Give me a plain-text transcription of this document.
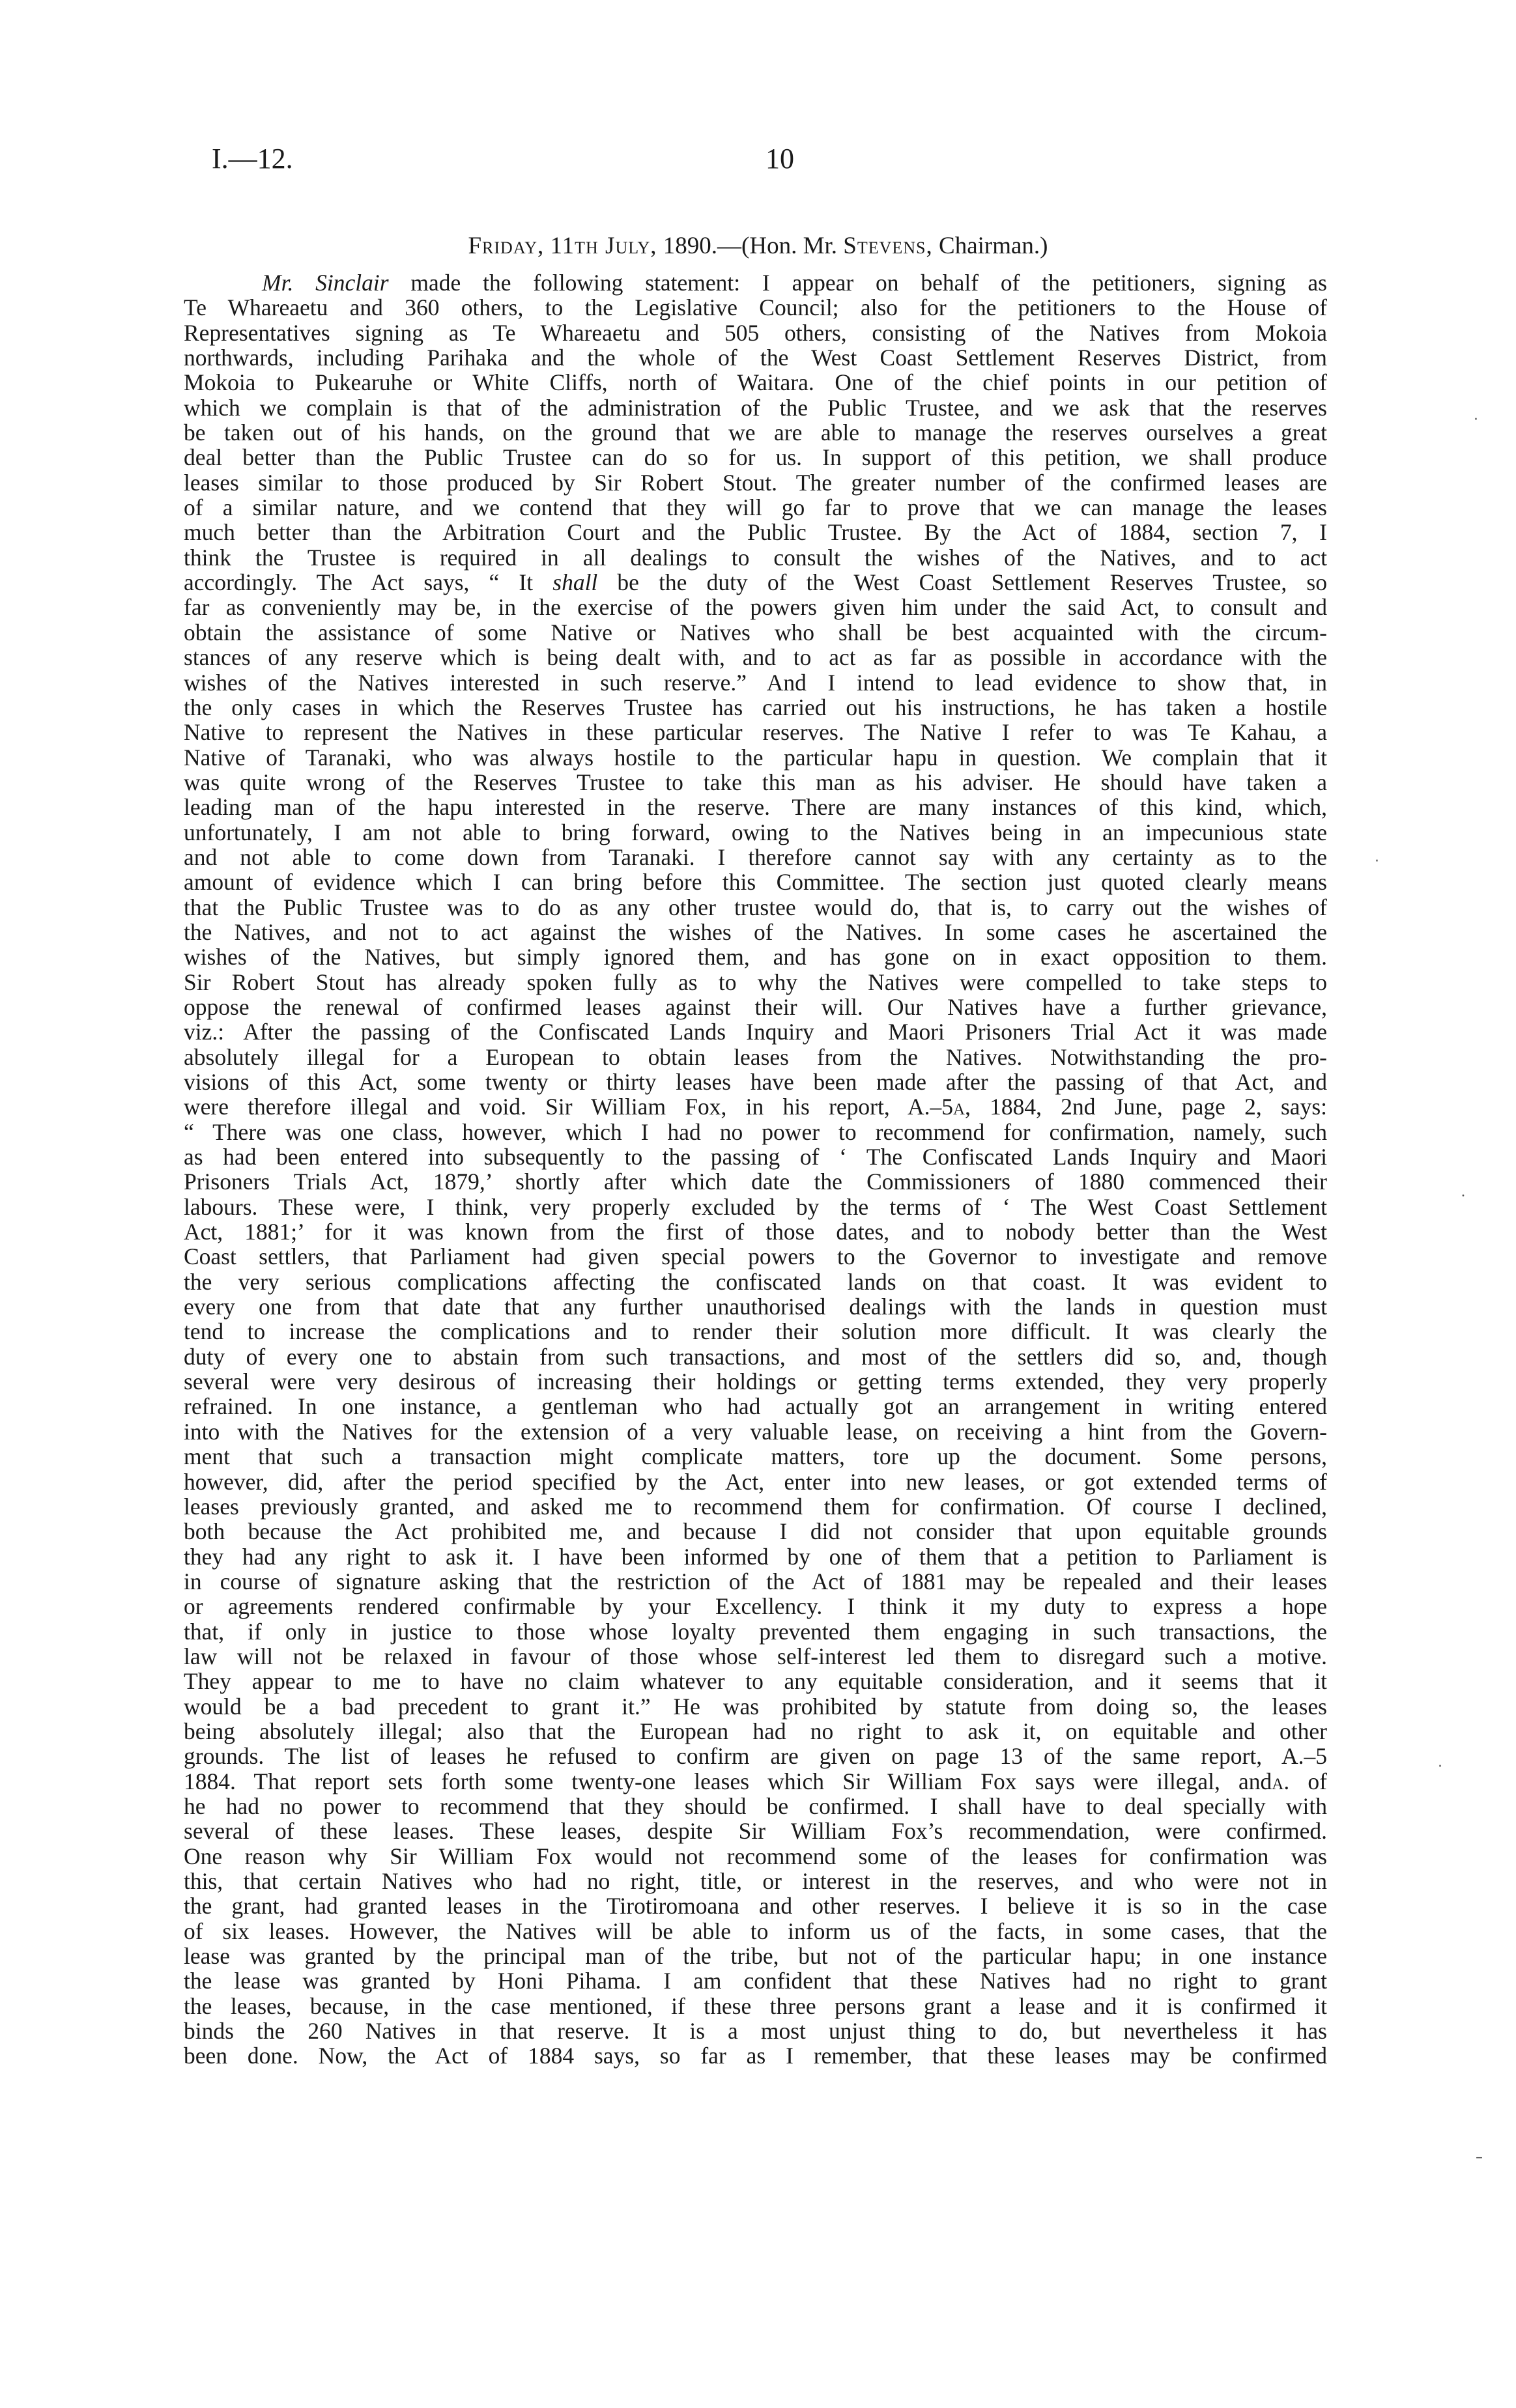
I.—12.	10
Friday, 11th July, 1890.—(Hon. Mr. Stevens, Chairman.)
Mr. Sinclair made the following statement: I appear on behalf of the petitioners, signing as
Te Whareaetu and 360 others, to the Legislative Council; also for the petitioners to the House of
Representatives signing as Te Whareaetu and 505 others, consisting of the Natives from Mokoia
northwards, including Parihaka and the whole of the West Coast Settlement Reserves District, from
Mokoia to Pukearuhe or White Cliffs, north of Waitara. One of the chief points in our petition of
which we complain is that of the administration of the Public Trustee, and we ask that the reserves
be taken out of his hands, on the ground that we are able to manage the reserves ourselves a great
deal better than the Public Trustee can do so for us. In support of this petition, we shall produce
leases similar to those produced by Sir Robert Stout. The greater number of the confirmed leases are
of a similar nature, and we contend that they will go far to prove that we can manage the leases
much better than the Arbitration Court and the Public Trustee. By the Act of 1884, section 7, I
think the Trustee is required in all dealings to consult the wishes of the Natives, and to act
accordingly. The Act says, “ It shall be the duty of the West Coast Settlement Reserves Trustee, so
far as conveniently may be, in the exercise of the powers given him under the said Act, to consult and
obtain the assistance of some Native or Natives who shall be best acquainted with the circum-
stances of any reserve which is being dealt with, and to act as far as possible in accordance with the
wishes of the Natives interested in such reserve.” And I intend to lead evidence to show that, in
the only cases in which the Reserves Trustee has carried out his instructions, he has taken a hostile
Native to represent the Natives in these particular reserves. The Native I refer to was Te Kahau, a
Native of Taranaki, who was always hostile to the particular hapu in question. We complain that it
was quite wrong of the Reserves Trustee to take this man as his adviser. He should have taken a
leading man of the hapu interested in the reserve. There are many instances of this kind, which,
unfortunately, I am not able to bring forward, owing to the Natives being in an impecunious state
and not able to come down from Taranaki. I therefore cannot say with any certainty as to the
amount of evidence which I can bring before this Committee. The section just quoted clearly means
that the Public Trustee was to do as any other trustee would do, that is, to carry out the wishes of
the Natives, and not to act against the wishes of the Natives. In some cases he ascertained the
wishes of the Natives, but simply ignored them, and has gone on in exact opposition to them.
Sir Robert Stout has already spoken fully as to why the Natives were compelled to take steps to
oppose the renewal of confirmed leases against their will. Our Natives have a further grievance,
viz.: After the passing of the Confiscated Lands Inquiry and Maori Prisoners Trial Act it was made
absolutely illegal for a European to obtain leases from the Natives. Notwithstanding the pro-
visions of this Act, some twenty or thirty leases have been made after the passing of that Act, and
were therefore illegal and void. Sir William Fox, in his report, A.–5a, 1884, 2nd June, page 2, says:
“ There was one class, however, which I had no power to recommend for confirmation, namely, such
as had been entered into subsequently to the passing of ‘ The Confiscated Lands Inquiry and Maori
Prisoners Trials Act, 1879,’ shortly after which date the Commissioners of 1880 commenced their
labours. These were, I think, very properly excluded by the terms of ‘ The West Coast Settlement
Act, 1881;’ for it was known from the first of those dates, and to nobody better than the West
Coast settlers, that Parliament had given special powers to the Governor to investigate and remove
the very serious complications affecting the confiscated lands on that coast. It was evident to
every one from that date that any further unauthorised dealings with the lands in question must
tend to increase the complications and to render their solution more difficult. It was clearly the
duty of every one to abstain from such transactions, and most of the settlers did so, and, though
several were very desirous of increasing their holdings or getting terms extended, they very properly
refrained. In one instance, a gentleman who had actually got an arrangement in writing entered
into with the Natives for the extension of a very valuable lease, on receiving a hint from the Govern-
ment that such a transaction might complicate matters, tore up the document. Some persons,
however, did, after the period specified by the Act, enter into new leases, or got extended terms of
leases previously granted, and asked me to recommend them for confirmation. Of course I declined,
both because the Act prohibited me, and because I did not consider that upon equitable grounds
they had any right to ask it. I have been informed by one of them that a petition to Parliament is
in course of signature asking that the restriction of the Act of 1881 may be repealed and their leases
or agreements rendered confirmable by your Excellency. I think it my duty to express a hope
that, if only in justice to those whose loyalty prevented them engaging in such transactions, the
law will not be relaxed in favour of those whose self-interest led them to disregard such a motive.
They appear to me to have no claim whatever to any equitable consideration, and it seems that it
would be a bad precedent to grant it.” He was prohibited by statute from doing so, the leases
being absolutely illegal; also that the European had no right to ask it, on equitable and other
grounds. The list of leases he refused to confirm are given on page 13 of the same report, A.–5
1884. That report sets forth some twenty-one leases which Sir William Fox says were illegal, anda. of
he had no power to recommend that they should be confirmed. I shall have to deal specially with
several of these leases. These leases, despite Sir William Fox’s recommendation, were confirmed.
One reason why Sir William Fox would not recommend some of the leases for confirmation was
this, that certain Natives who had no right, title, or interest in the reserves, and who were not in
the grant, had granted leases in the Tirotiromoana and other reserves. I believe it is so in the case
of six leases. However, the Natives will be able to inform us of the facts, in some cases, that the
lease was granted by the principal man of the tribe, but not of the particular hapu; in one instance
the lease was granted by Honi Pihama. I am confident that these Natives had no right to grant
the leases, because, in the case mentioned, if these three persons grant a lease and it is confirmed it
binds the 260 Natives in that reserve. It is a most unjust thing to do, but nevertheless it has
been done. Now, the Act of 1884 says, so far as I remember, that these leases may be confirmed
·
·
⸱
·
–
